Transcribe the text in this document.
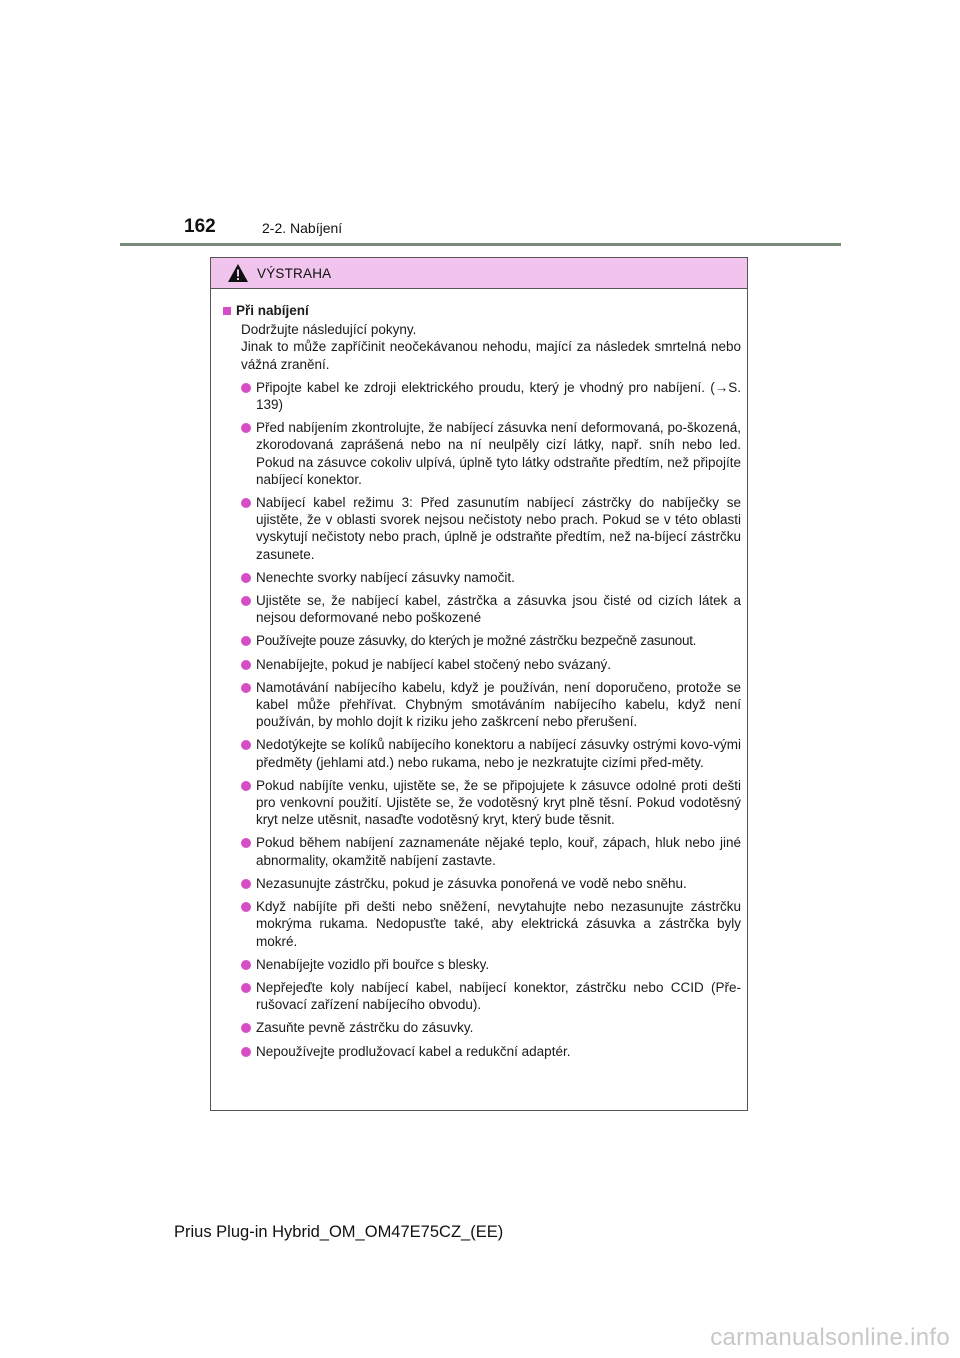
162	2-2. Nabíjení
VÝSTRAHA
Při nabíjení

Dodržujte následující pokyny.

Jinak to může zapříčinit neočekávanou nehodu, mající za následek smrtelná nebo vážná zranění.

Připojte kabel ke zdroji elektrického proudu, který je vhodný pro nabíjení. (→S. 139)
Před nabíjením zkontrolujte, že nabíjecí zásuvka není deformovaná, po-škozená, zkorodovaná zaprášená nebo na ní neulpěly cizí látky, např. sníh nebo led. Pokud na zásuvce cokoliv ulpívá, úplně tyto látky odstraňte předtím, než připojíte nabíjecí konektor.
Nabíjecí kabel režimu 3: Před zasunutím nabíjecí zástrčky do nabíječky se ujistěte, že v oblasti svorek nejsou nečistoty nebo prach. Pokud se v této oblasti vyskytují nečistoty nebo prach, úplně je odstraňte předtím, než na-bíjecí zástrčku zasunete.
Nenechte svorky nabíjecí zásuvky namočit.
Ujistěte se, že nabíjecí kabel, zástrčka a zásuvka jsou čisté od cizích látek a nejsou deformované nebo poškozené
Používejte pouze zásuvky, do kterých je možné zástrčku bezpečně zasunout.
Nenabíjejte, pokud je nabíjecí kabel stočený nebo svázaný.
Namotávání nabíjecího kabelu, když je používán, není doporučeno, protože se kabel může přehřívat. Chybným smotáváním nabíjecího kabelu, když není používán, by mohlo dojít k riziku jeho zaškrcení nebo přerušení.
Nedotýkejte se kolíků nabíjecího konektoru a nabíjecí zásuvky ostrými kovo-vými předměty (jehlami atd.) nebo rukama, nebo je nezkratujte cizími před-měty.
Pokud nabíjíte venku, ujistěte se, že se připojujete k zásuvce odolné proti dešti pro venkovní použití. Ujistěte se, že vodotěsný kryt plně těsní. Pokud vodotěsný kryt nelze utěsnit, nasaďte vodotěsný kryt, který bude těsnit.
Pokud během nabíjení zaznamenáte nějaké teplo, kouř, zápach, hluk nebo jiné abnormality, okamžitě nabíjení zastavte.
Nezasunujte zástrčku, pokud je zásuvka ponořená ve vodě nebo sněhu.
Když nabíjíte při dešti nebo sněžení, nevytahujte nebo nezasunujte zástrčku mokrýma rukama. Nedopusťte také, aby elektrická zásuvka a zástrčka byly mokré.
Nenabíjejte vozidlo při bouřce s blesky.
Nepřejeďte koly nabíjecí kabel, nabíjecí konektor, zástrčku nebo CCID (Pře-rušovací zařízení nabíjecího obvodu).
Zasuňte pevně zástrčku do zásuvky.
Nepoužívejte prodlužovací kabel a redukční adaptér.
Prius Plug-in Hybrid_OM_OM47E75CZ_(EE)
carmanualsonline.info
